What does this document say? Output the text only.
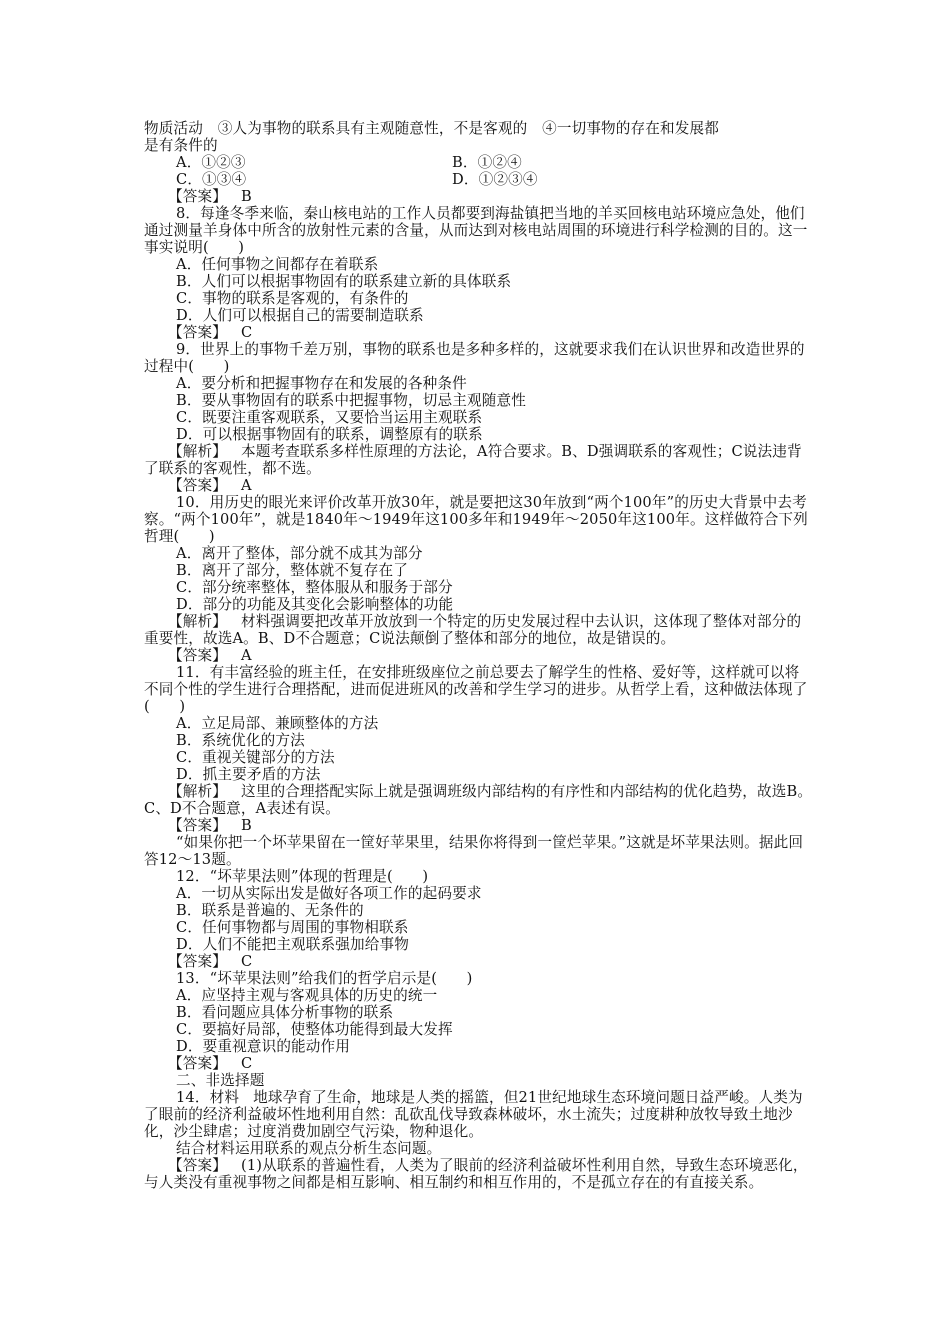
物质活动　③人为事物的联系具有主观随意性，不是客观的　④一切事物的存在和发展都

是有条件的

A．①②③	B．①②④
C．①③④	D．①②③④

【答案】 B

8．每逢冬季来临，秦山核电站的工作人员都要到海盐镇把当地的羊买回核电站环境应急处，他们通过测量羊身体中所含的放射性元素的含量，从而达到对核电站周围的环境进行科学检测的目的。这一事实说明(　　)

A．任何事物之间都存在着联系

B．人们可以根据事物固有的联系建立新的具体联系

C．事物的联系是客观的，有条件的

D．人们可以根据自己的需要制造联系

【答案】 C

9．世界上的事物千差万别，事物的联系也是多种多样的，这就要求我们在认识世界和改造世界的过程中(　　)

A．要分析和把握事物存在和发展的各种条件

B．要从事物固有的联系中把握事物，切忌主观随意性

C．既要注重客观联系，又要恰当运用主观联系

D．可以根据事物固有的联系，调整原有的联系

【解析】 本题考查联系多样性原理的方法论，A符合要求。B、D强调联系的客观性；C说法违背了联系的客观性，都不选。

【答案】 A

10．用历史的眼光来评价改革开放30年，就是要把这30年放到“两个100年”的历史大背景中去考察。“两个100年”，就是1840年～1949年这100多年和1949年～2050年这100年。这样做符合下列哲理(　　)

A．离开了整体，部分就不成其为部分

B．离开了部分，整体就不复存在了

C．部分统率整体，整体服从和服务于部分

D．部分的功能及其变化会影响整体的功能

【解析】 材料强调要把改革开放放到一个特定的历史发展过程中去认识，这体现了整体对部分的重要性，故选A。B、D不合题意；C说法颠倒了整体和部分的地位，故是错误的。

【答案】 A

11．有丰富经验的班主任，在安排班级座位之前总要去了解学生的性格、爱好等，这样就可以将不同个性的学生进行合理搭配，进而促进班风的改善和学生学习的进步。从哲学上看，这种做法体现了(　　)

A．立足局部、兼顾整体的方法

B．系统优化的方法

C．重视关键部分的方法

D．抓主要矛盾的方法

【解析】 这里的合理搭配实际上就是强调班级内部结构的有序性和内部结构的优化趋势，故选B。C、D不合题意，A表述有误。

【答案】 B

“如果你把一个坏苹果留在一筐好苹果里，结果你将得到一筐烂苹果。”这就是坏苹果法则。据此回答12～13题。

12．“坏苹果法则”体现的哲理是(　　)

A．一切从实际出发是做好各项工作的起码要求

B．联系是普遍的、无条件的

C．任何事物都与周围的事物相联系

D．人们不能把主观联系强加给事物

【答案】 C

13．“坏苹果法则”给我们的哲学启示是(　　)

A．应坚持主观与客观具体的历史的统一

B．看问题应具体分析事物的联系

C．要搞好局部，使整体功能得到最大发挥

D．要重视意识的能动作用

【答案】 C

二、非选择题

14．材料 地球孕育了生命，地球是人类的摇篮，但21世纪地球生态环境问题日益严峻。人类为了眼前的经济利益破坏性地利用自然：乱砍乱伐导致森林破坏，水土流失；过度耕种放牧导致土地沙化，沙尘肆虐；过度消费加剧空气污染，物种退化。

结合材料运用联系的观点分析生态问题。

【答案】 (1)从联系的普遍性看，人类为了眼前的经济利益破坏性利用自然，导致生态环境恶化，与人类没有重视事物之间都是相互影响、相互制约和相互作用的，不是孤立存在的有直接关系。
